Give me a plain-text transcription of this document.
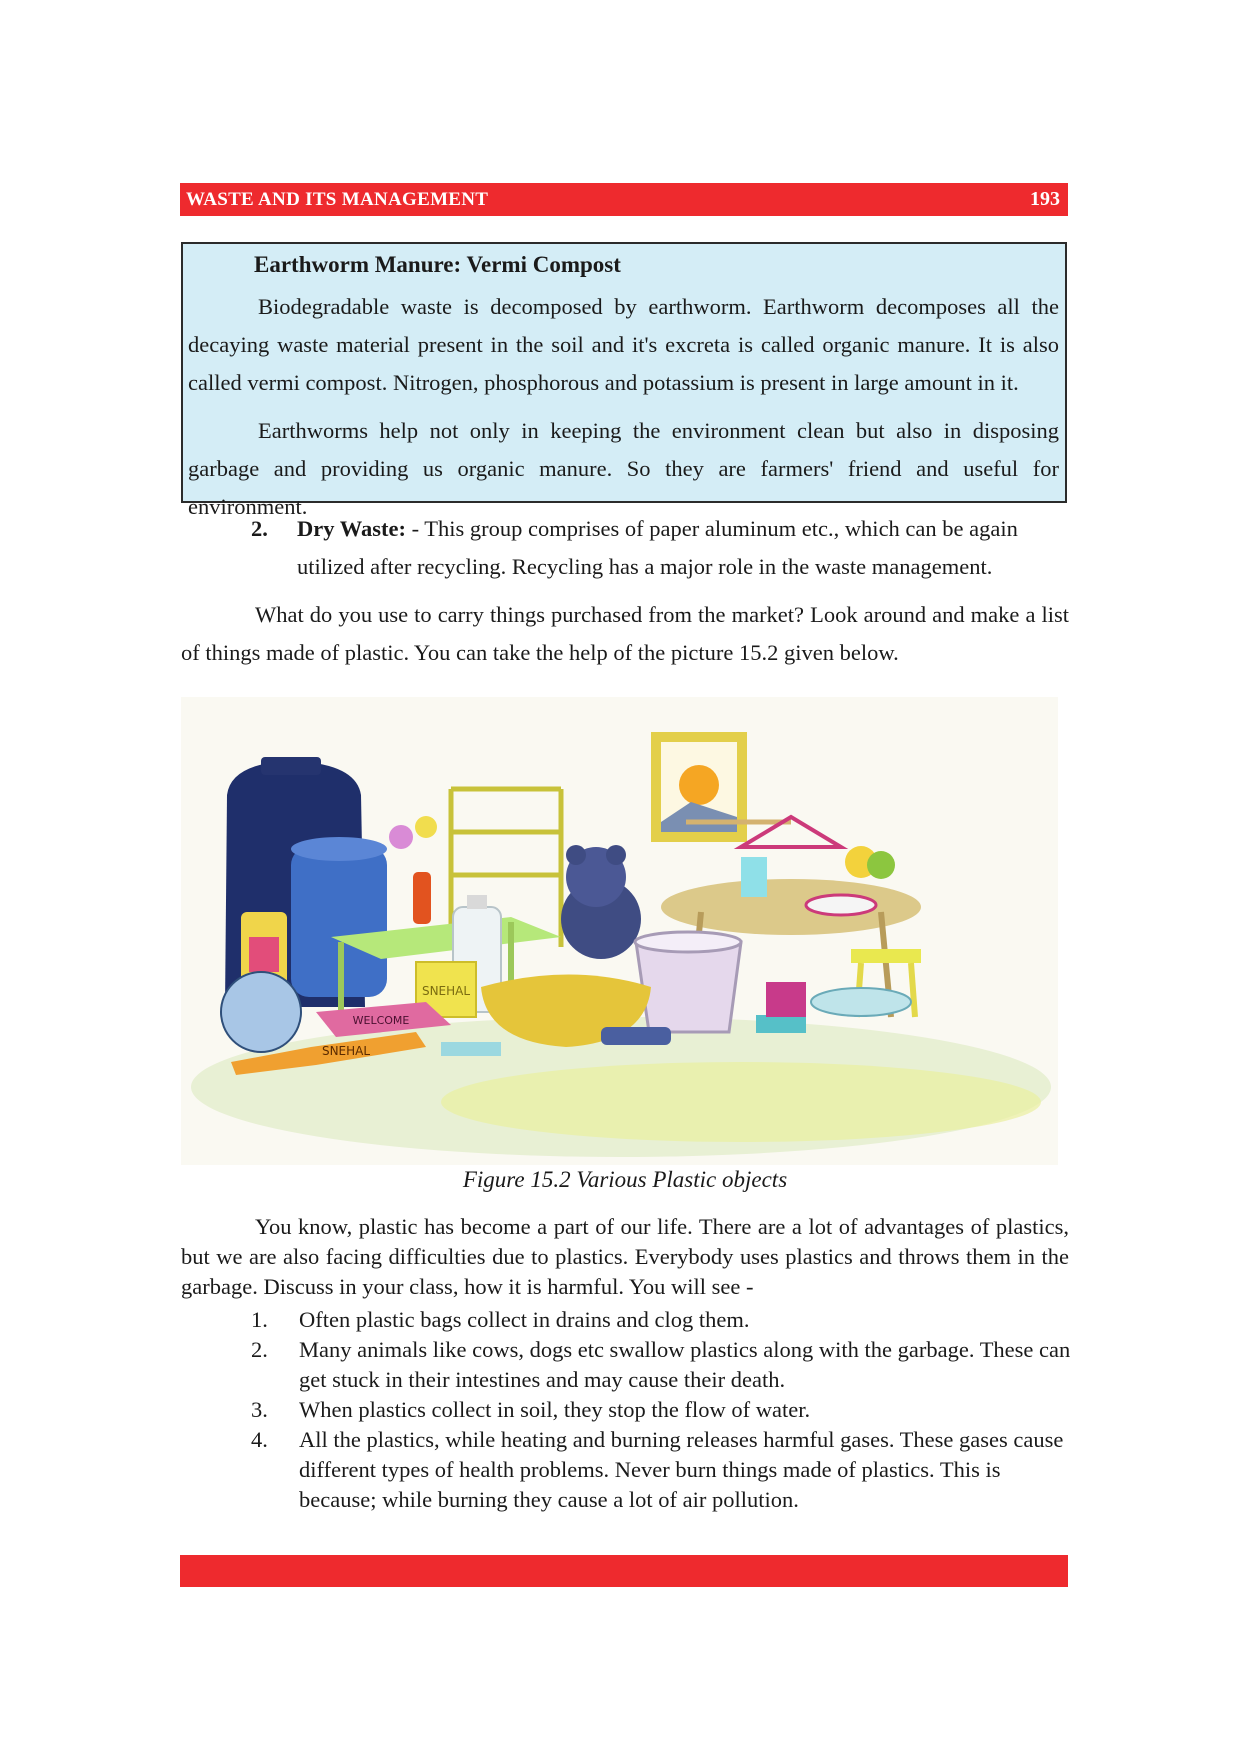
WASTE AND ITS MANAGEMENT	193
Earthworm Manure: Vermi Compost

Biodegradable waste is decomposed by earthworm. Earthworm decomposes all the decaying waste material present in the soil and it's excreta is called organic manure. It is also called vermi compost. Nitrogen, phosphorous and potassium is present in large amount in it.

Earthworms help not only in keeping the environment clean but also in disposing garbage and providing us organic manure. So they are farmers' friend and useful for environment.

2. Dry Waste: - This group comprises of paper aluminum etc., which can be again
utilized after recycling. Recycling has a major role in the waste management.

What do you use to carry things purchased from the market? Look around and make a list of things made of plastic. You can take the help of the picture 15.2 given below.

SNEHAL
WELCOME
SNEHAL
Figure 15.2 Various Plastic objects

You know, plastic has become a part of our life. There are a lot of advantages of plastics, but we are also facing difficulties due to plastics. Everybody uses plastics and throws them in the garbage. Discuss in your class, how it is harmful. You will see -

1.	Often plastic bags collect in drains and clog them.
2.	Many animals like cows, dogs etc swallow plastics along with the garbage. These can get stuck in their intestines and may cause their death.
3.	When plastics collect in soil, they stop the flow of water.
4.	All the plastics, while heating and burning releases harmful gases. These gases cause different types of health problems. Never burn things made of plastics. This is because; while burning they cause a lot of air pollution.
